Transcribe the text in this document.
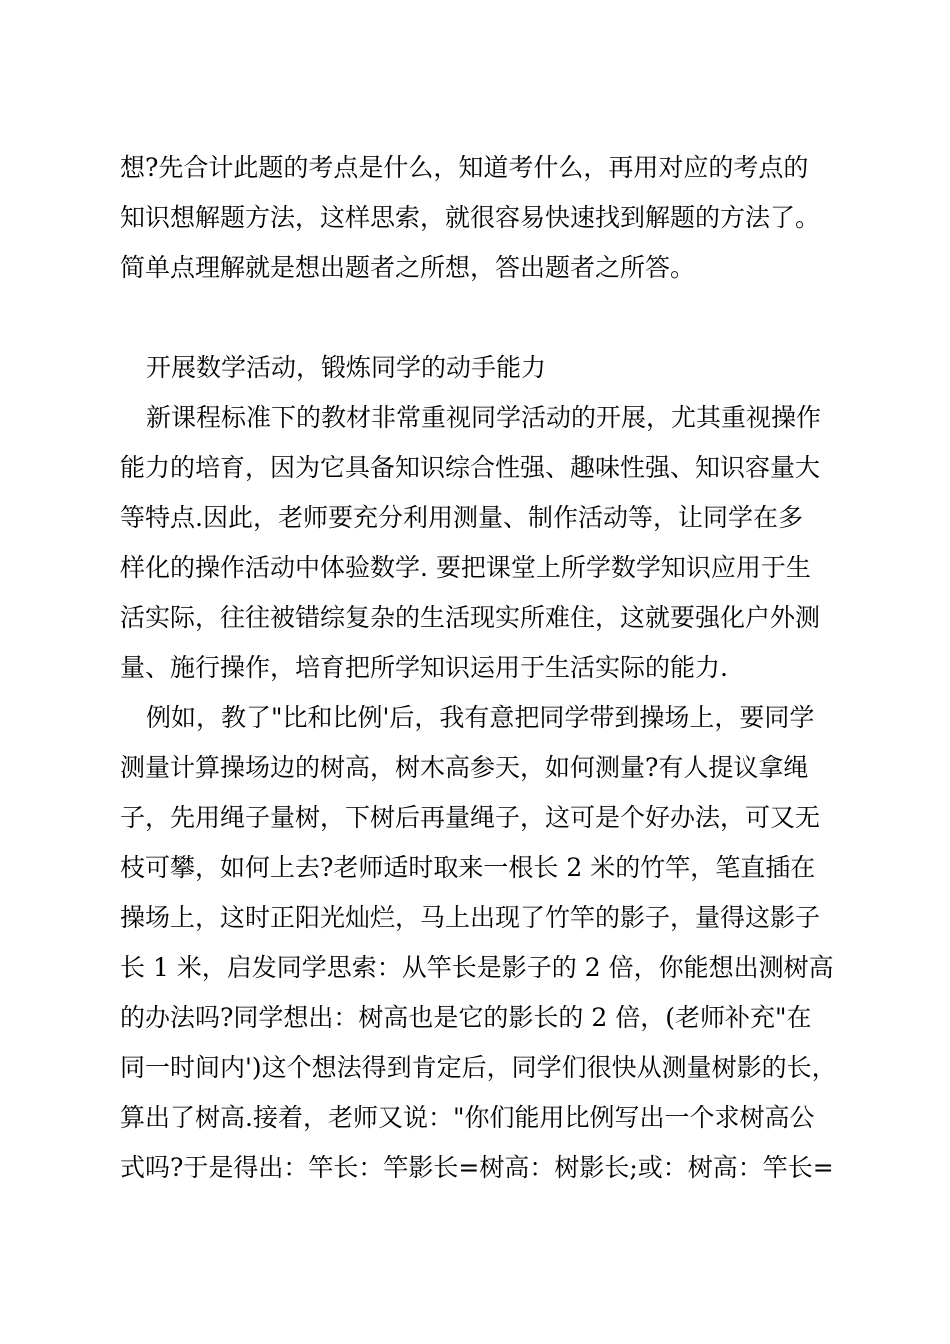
想?先合计此题的考点是什么，知道考什么，再用对应的考点的
知识想解题方法，这样思索，就很容易快速找到解题的方法了。
简单点理解就是想出题者之所想，答出题者之所答。
开展数学活动，锻炼同学的动手能力
新课程标准下的教材非常重视同学活动的开展，尤其重视操作
能力的培育，因为它具备知识综合性强、趣味性强、知识容量大
等特点.因此，老师要充分利用测量、制作活动等，让同学在多
样化的操作活动中体验数学. 要把课堂上所学数学知识应用于生
活实际，往往被错综复杂的生活现实所难住，这就要强化户外测
量、施行操作，培育把所学知识运用于生活实际的能力.
例如，教了"比和比例'后，我有意把同学带到操场上，要同学
测量计算操场边的树高，树木高参天，如何测量?有人提议拿绳
子，先用绳子量树，下树后再量绳子，这可是个好办法，可又无
枝可攀，如何上去?老师适时取来一根长 2 米的竹竿，笔直插在
操场上，这时正阳光灿烂，马上出现了竹竿的影子，量得这影子
长 1 米，启发同学思索：从竿长是影子的 2 倍，你能想出测树高
的办法吗?同学想出：树高也是它的影长的 2 倍，(老师补充"在
同一时间内')这个想法得到肯定后，同学们很快从测量树影的长，
算出了树高.接着，老师又说："你们能用比例写出一个求树高公
式吗?于是得出：竿长：竿影长=树高：树影长;或：树高：竿长=
